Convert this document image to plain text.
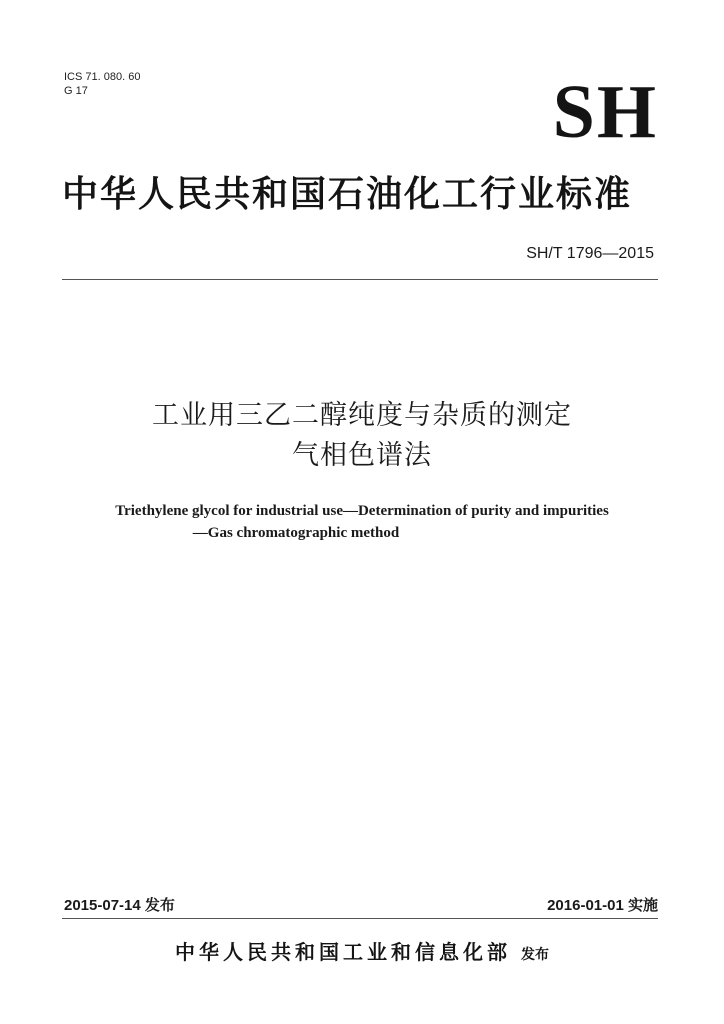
ICS 71. 080. 60
G 17	SH
中华人民共和国石油化工行业标准
SH/T 1796—2015
工业用三乙二醇纯度与杂质的测定
气相色谱法
Triethylene glycol for industrial use—Determination of purity and impurities
—Gas chromatographic method
2015-07-14 发布	2016-01-01 实施
中华人民共和国工业和信息化部 发布
